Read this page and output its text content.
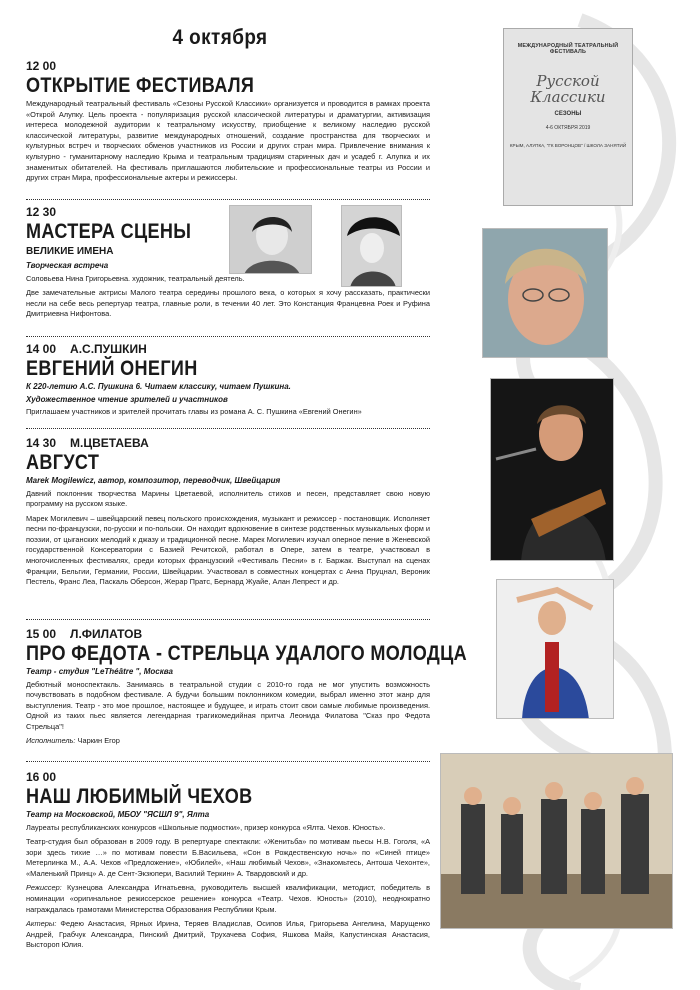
4 октября	МЕЖДУНАРОДНЫЙ ТЕАТРАЛЬНЫЙ ФЕСТИВАЛЬ
Русской Классики
СЕЗОНЫ
4-6 ОКТЯБРЯ 2019
КРЫМ, АЛУПКА, "ГК ВОРОНЦОВ" / ШКОЛА ЗАНЯТИЙ
12 00
ОТКРЫТИЕ ФЕСТИВАЛЯ

Международный театральный фестиваль «Сезоны Русской Классики» организуется и проводится в рамках проекта «Открой Алупку. Цель проекта - популяризация русской классической литературы и драматургии, активизация интереса молодежной аудитории к театральному искусству, приобщение к великому наследию русской классической литературы, развитие международных отношений, создание пространства для творческих и культурных встреч и творческих обменов участников из России и других стран мира. Привлечение внимания к культурно - гуманитарному наследию Крыма и театральным традициям старинных дач и усадеб г. Алупка и их знаменитых обитателей. На фестиваль приглашаются любительские и профессиональные театры из России и других стран Мира, профессиональные актеры и режиссеры.

12 30
МАСТЕРА СЦЕНЫ
ВЕЛИКИЕ ИМЕНА
Творческая встреча

Соловьева Нина Григорьевна. художник, театральный деятель.

Две замечательные актрисы Малого театра середины прошлого века, о которых я хочу рассказать, практически несли на себе весь репертуар театра, главные роли, в течении 40 лет. Это Констанция Францевна Роек и Руфина Дмитриевна Нифонтова.

14 00 А.С.ПУШКИН
ЕВГЕНИЙ ОНЕГИН
К 220-летию А.С. Пушкина 6. Читаем классику, читаем Пушкина.
Художественное чтение зрителей и участников

Приглашаем участников и зрителей прочитать главы из романа А. С. Пушкина «Евгений Онегин»

14 30 М.ЦВЕТАЕВА
АВГУСТ
Marek Mogilewicz, автор, композитор, переводчик, Швейцария

Давний поклонник творчества Марины Цветаевой, исполнитель стихов и песен, представляет свою новую программу на русском языке.

Марек Могилевич – швейцарский певец польского происхождения, музыкант и режиссер - постановщик. Исполняет песни по-французски, по-русски и по-польски. Он находит вдохновение в синтезе родственных музыкальных форм и поэзии, от цыганских мелодий к джазу и традиционной песне. Марек Могилевич изучал оперное пение в Женевской государственной Консерватории с Базией Речитской, работал в Опере, затем в театре, участвовал в многочисленных фестивалях, среди которых французский «Фестиваль Песни» в г. Бaржак. Выступал на сценах Франции, Бельгии, Германии, России, Швейцарии. Участвовал в совместных концертах с Анна Пруцнал, Вероник Пестель, Франс Леа, Паскаль Оберсон, Жерар Пратс, Бернард Жуайе, Алан Лепрест и др.

15 00 Л.ФИЛАТОВ
ПРО ФЕДОТА - СТРЕЛЬЦА УДАЛОГО МОЛОДЦА
Театр - студия "LeThéâtre ", Москва

Дебютный моноспектакль. Занимаясь в театральной студии с 2010-го года не мог упустить возможность почувствовать в подобном фестивале. А будучи большим поклонником комедии, выбрал именно этот жанр для выступления. Театр - это мое прошлое, настоящее и будущее, и играть стоит свои самые любимые произведения. Одной из таких пьес является легендарная трагикомедийная притча Леонида Филатова "Сказ про Федота Стрельца"!

Исполнитель: Чаркин Егор

16 00
НАШ ЛЮБИМЫЙ ЧЕХОВ
Театр на Московской, МБОУ "ЯСШЛ 9", Ялта

Лауреаты республиканских конкурсов «Школьные подмостки», призер конкурса «Ялта. Чехов. Юность».

Театр-студия был образован в 2009 году. В репертуаре спектакли: «Женитьба» по мотивам пьесы Н.В. Гоголя, «А зори здесь тихие …» по мотивам повести Б.Васильева, «Сон в Рождественскую ночь» по «Синей птице» Метерлинка М., А.А. Чехов «Предложение», «Юбилей», «Наш любимый Чехов», «Знакомьтесь, Антоша Чехонте», «Маленький Принц» А. де Сент-Экзюпери, Василий Теркин» А. Твардовский и др.

Режиссер: Кузнецова Александра Игнатьевна, руководитель высшей квалификации, методист, победитель в номинации «оригинальное режиссерское решение» конкурса «Театр. Чехов. Юность» (2010), неоднократно награждалась грамотами Министерства Образования Республики Крым.

Актеры: Федею Анастасия, Ярных Ирина, Теряев Владислав, Осипов Илья, Григорьева Ангелина, Марущенко Андрей, Грабчук Александра, Пинский Дмитрий, Трухачева София, Яшкова Майя, Капустинская Анастасия, Выстороп Юлия.
